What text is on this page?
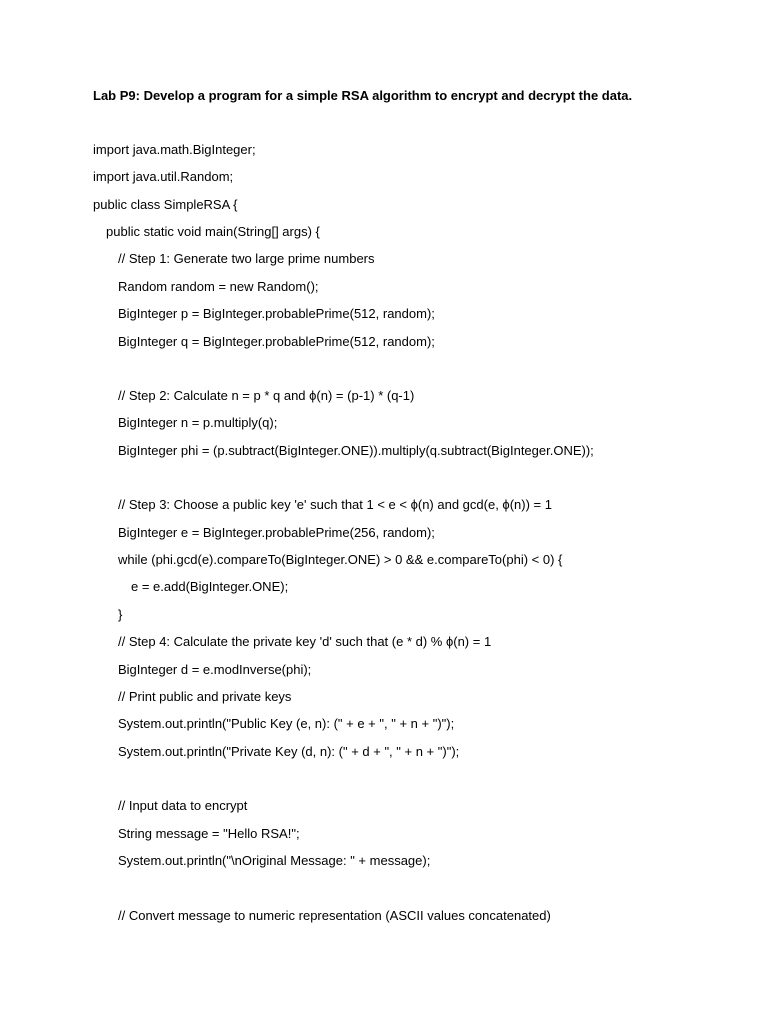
Lab P9: Develop a program for a simple RSA algorithm to encrypt and decrypt the data.
import java.math.BigInteger;
import java.util.Random;
public class SimpleRSA {
public static void main(String[] args) {
// Step 1: Generate two large prime numbers
Random random = new Random();
BigInteger p = BigInteger.probablePrime(512, random);
BigInteger q = BigInteger.probablePrime(512, random);
// Step 2: Calculate n = p * q and ϕ(n) = (p-1) * (q-1)
BigInteger n = p.multiply(q);
BigInteger phi = (p.subtract(BigInteger.ONE)).multiply(q.subtract(BigInteger.ONE));
// Step 3: Choose a public key 'e' such that 1 < e < ϕ(n) and gcd(e, ϕ(n)) = 1
BigInteger e = BigInteger.probablePrime(256, random);
while (phi.gcd(e).compareTo(BigInteger.ONE) > 0 && e.compareTo(phi) < 0) {
e = e.add(BigInteger.ONE);
}
// Step 4: Calculate the private key 'd' such that (e * d) % ϕ(n) = 1
BigInteger d = e.modInverse(phi);
// Print public and private keys
System.out.println("Public Key (e, n): (" + e + ", " + n + ")");
System.out.println("Private Key (d, n): (" + d + ", " + n + ")");
// Input data to encrypt
String message = "Hello RSA!";
System.out.println("\nOriginal Message: " + message);
// Convert message to numeric representation (ASCII values concatenated)
